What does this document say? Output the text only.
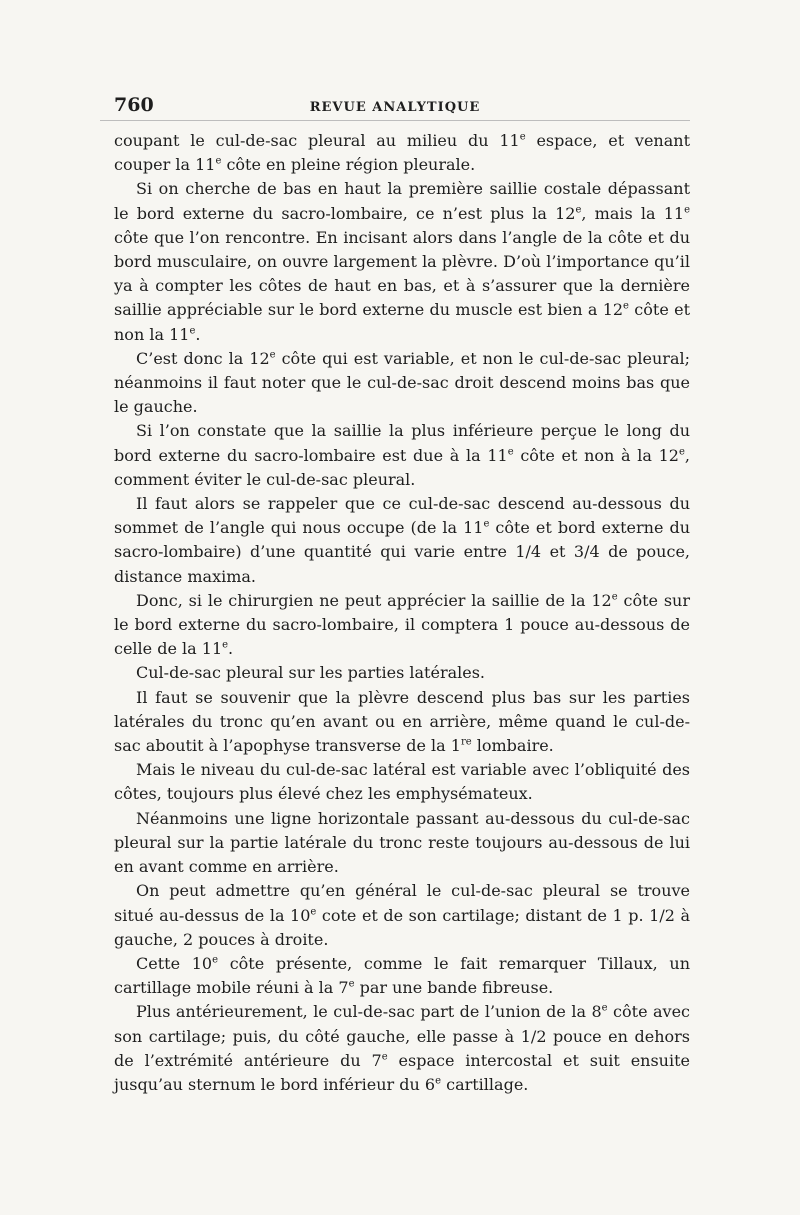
760	REVUE ANALYTIQUE

coupant le cul-de-sac pleural au milieu du 11e espace, et venant couper la 11e côte en pleine région pleurale.

Si on cherche de bas en haut la première saillie costale dépassant le bord externe du sacro-lombaire, ce n’est plus la 12e, mais la 11e côte que l’on rencontre. En incisant alors dans l’angle de la côte et du bord musculaire, on ouvre largement la plèvre. D’où l’importance qu’il ya à compter les côtes de haut en bas, et à s’assurer que la dernière saillie appréciable sur le bord externe du muscle est bien a 12e côte et non la 11e.

C’est donc la 12e côte qui est variable, et non le cul-de-sac pleural; néanmoins il faut noter que le cul-de-sac droit descend moins bas que le gauche.

Si l’on constate que la saillie la plus inférieure perçue le long du bord externe du sacro-lombaire est due à la 11e côte et non à la 12e, comment éviter le cul-de-sac pleural.

Il faut alors se rappeler que ce cul-de-sac descend au-dessous du sommet de l’angle qui nous occupe (de la 11e côte et bord externe du sacro-lombaire) d’une quantité qui varie entre 1/4 et 3/4 de pouce, distance maxima.

Donc, si le chirurgien ne peut apprécier la saillie de la 12e côte sur le bord externe du sacro-lombaire, il comptera 1 pouce au-dessous de celle de la 11e.

Cul-de-sac pleural sur les parties latérales.

Il faut se souvenir que la plèvre descend plus bas sur les parties latérales du tronc qu’en avant ou en arrière, même quand le cul-de-sac aboutit à l’apophyse transverse de la 1re lombaire.

Mais le niveau du cul-de-sac latéral est variable avec l’obliquité des côtes, toujours plus élevé chez les emphysémateux.

Néanmoins une ligne horizontale passant au-dessous du cul-de-sac pleural sur la partie latérale du tronc reste toujours au-dessous de lui en avant comme en arrière.

On peut admettre qu’en général le cul-de-sac pleural se trouve situé au-dessus de la 10e cote et de son cartilage; distant de 1 p. 1/2 à gauche, 2 pouces à droite.

Cette 10e côte présente, comme le fait remarquer Tillaux, un cartillage mobile réuni à la 7e par une bande fibreuse.

Plus antérieurement, le cul-de-sac part de l’union de la 8e côte avec son cartilage; puis, du côté gauche, elle passe à 1/2 pouce en dehors de l’extrémité antérieure du 7e espace intercostal et suit ensuite jusqu’au sternum le bord inférieur du 6e cartillage.
